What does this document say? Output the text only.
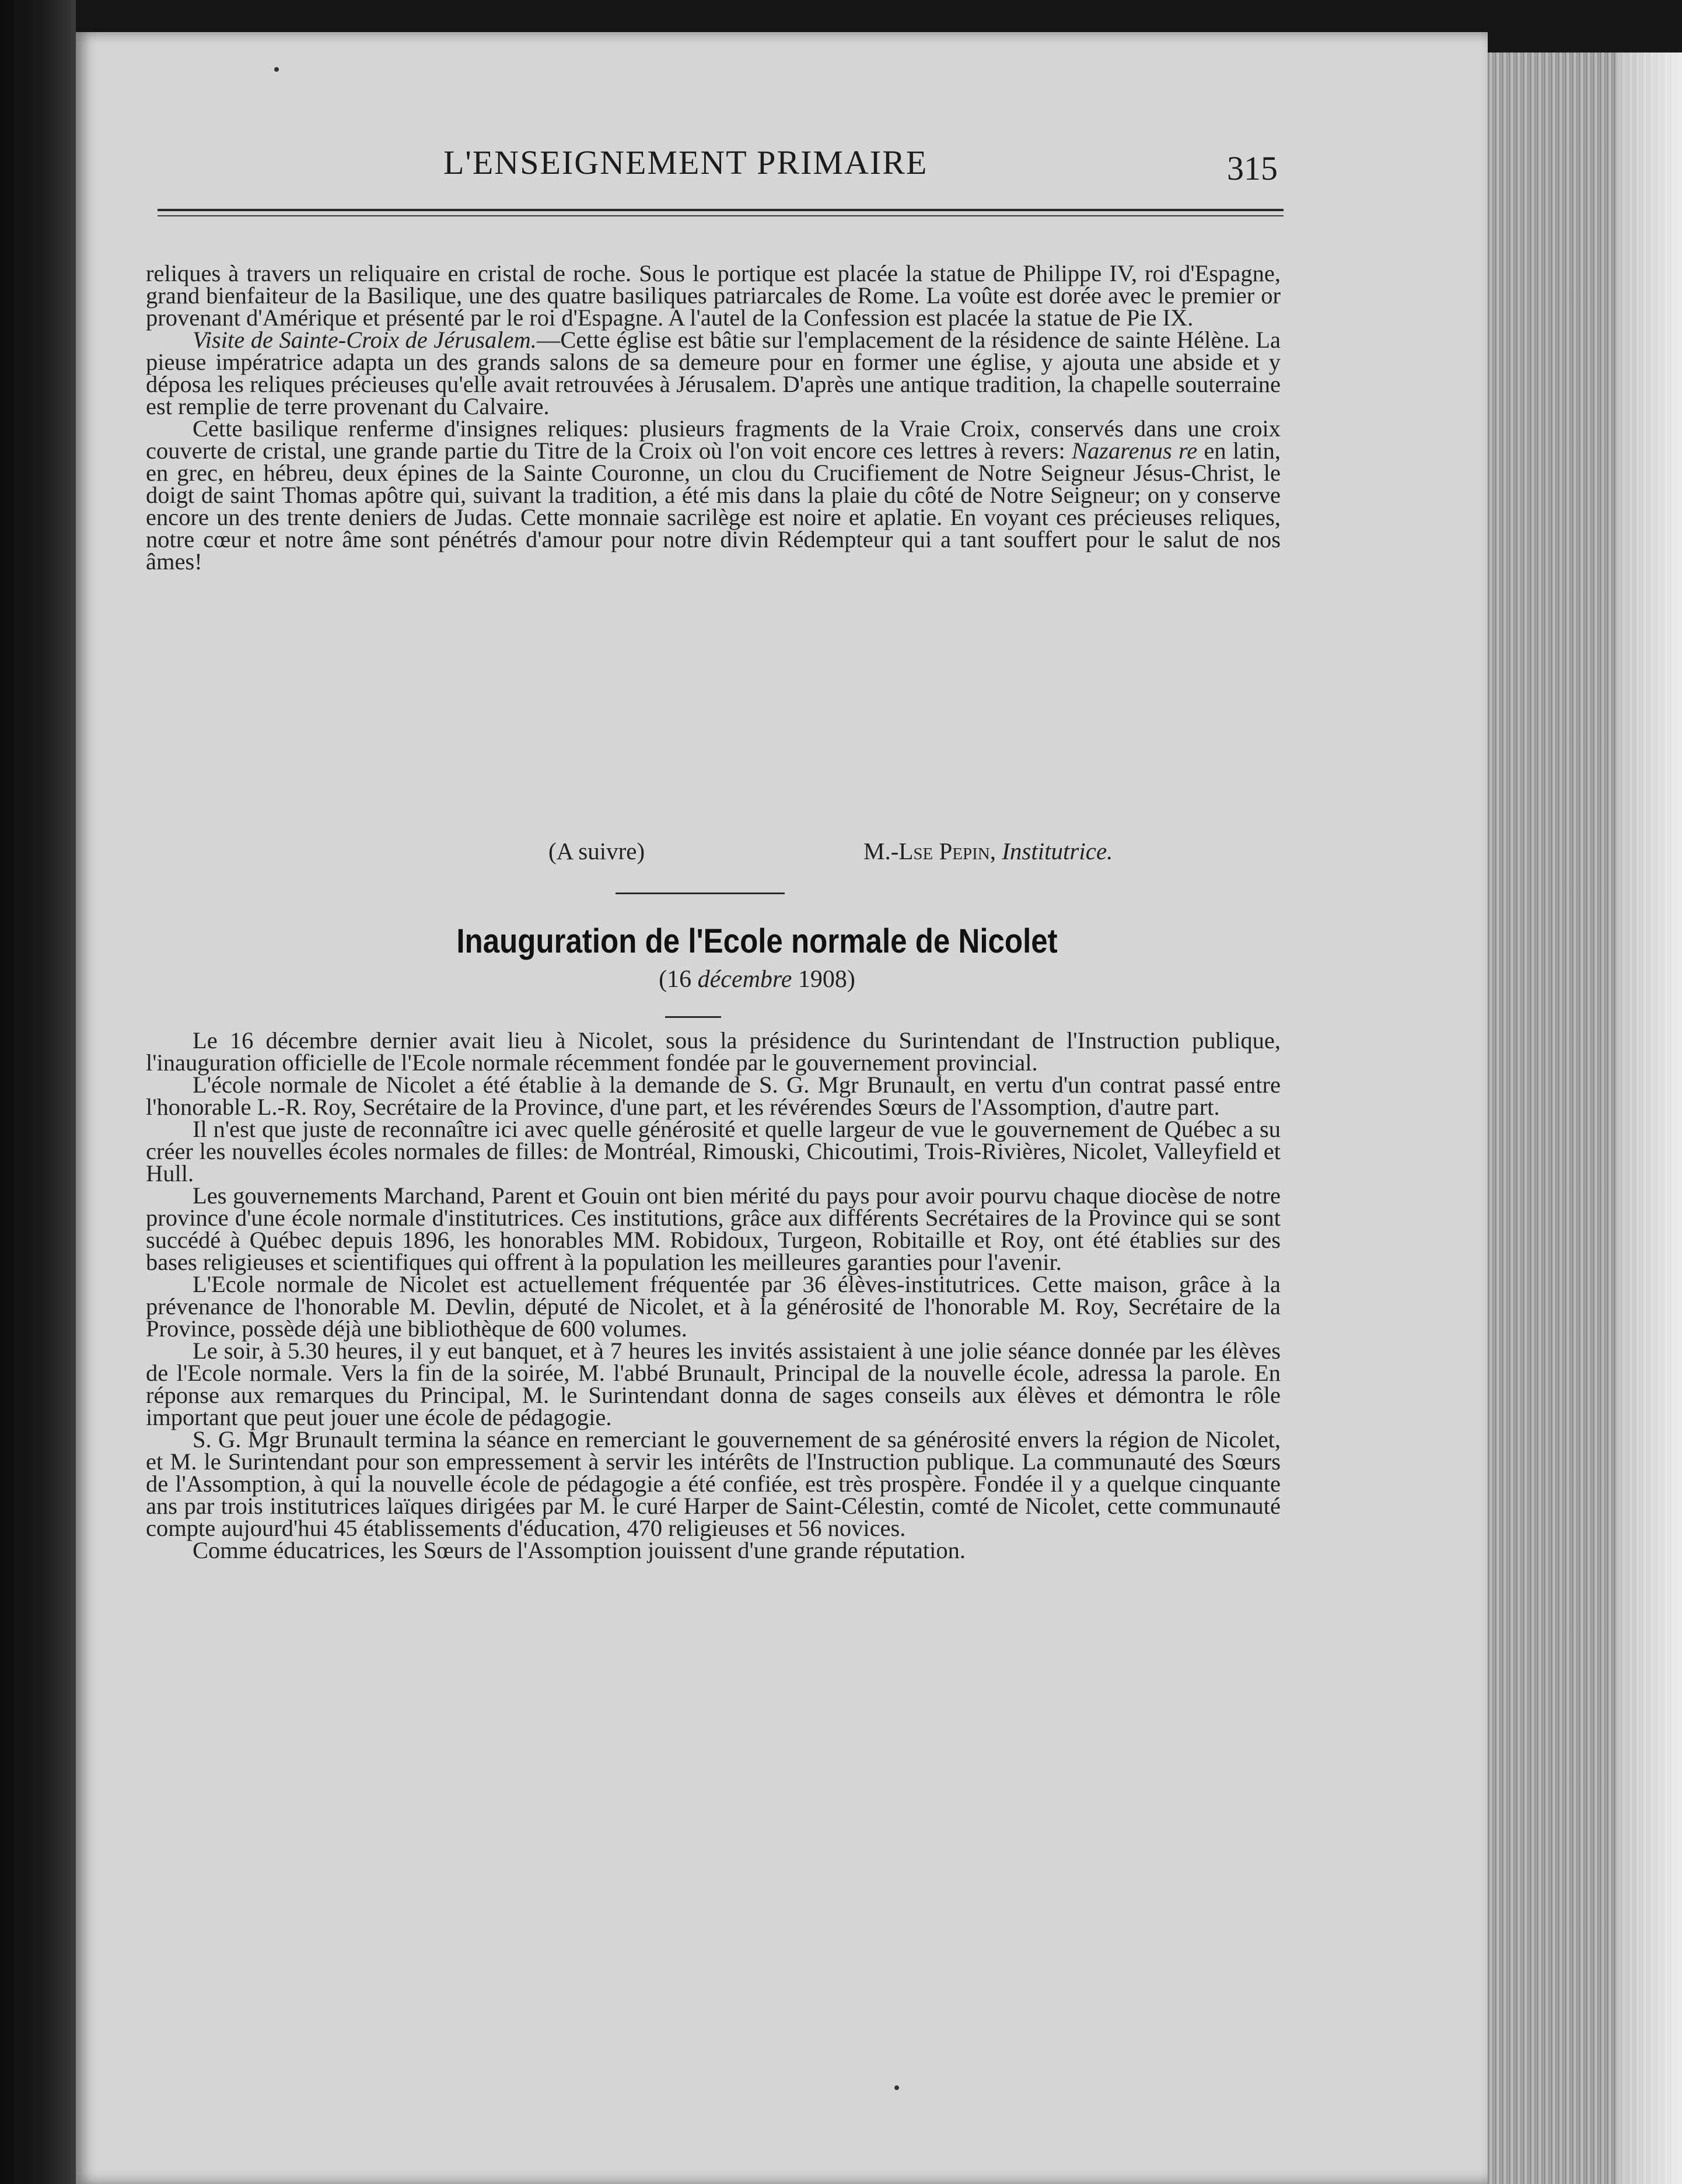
L'ENSEIGNEMENT PRIMAIRE	315

reliques à travers un reliquaire en cristal de roche. Sous le portique est placée la statue de Philippe IV, roi d'Espagne, grand bienfaiteur de la Basilique, une des quatre basiliques patriarcales de Rome. La voûte est dorée avec le premier or provenant d'Amérique et présenté par le roi d'Espagne. A l'autel de la Confession est placée la statue de Pie IX.

Visite de Sainte-Croix de Jérusalem.—Cette église est bâtie sur l'emplacement de la résidence de sainte Hélène. La pieuse impératrice adapta un des grands salons de sa demeure pour en former une église, y ajouta une abside et y déposa les reliques précieuses qu'elle avait retrouvées à Jérusalem. D'après une antique tradition, la chapelle souterraine est remplie de terre provenant du Calvaire.

Cette basilique renferme d'insignes reliques: plusieurs fragments de la Vraie Croix, conservés dans une croix couverte de cristal, une grande partie du Titre de la Croix où l'on voit encore ces lettres à revers: Nazarenus re en latin, en grec, en hébreu, deux épines de la Sainte Couronne, un clou du Crucifiement de Notre Seigneur Jésus-Christ, le doigt de saint Thomas apôtre qui, suivant la tradition, a été mis dans la plaie du côté de Notre Seigneur; on y conserve encore un des trente deniers de Judas. Cette monnaie sacrilège est noire et aplatie. En voyant ces précieuses reliques, notre cœur et notre âme sont pénétrés d'amour pour notre divin Rédempteur qui a tant souffert pour le salut de nos âmes!

(A suivre)	M.-Lse Pepin, Institutrice.
Inauguration de l'Ecole normale de Nicolet
(16 décembre 1908)

Le 16 décembre dernier avait lieu à Nicolet, sous la présidence du Surintendant de l'Instruction publique, l'inauguration officielle de l'Ecole normale récemment fondée par le gouvernement provincial.

L'école normale de Nicolet a été établie à la demande de S. G. Mgr Brunault, en vertu d'un contrat passé entre l'honorable L.-R. Roy, Secrétaire de la Province, d'une part, et les révérendes Sœurs de l'Assomption, d'autre part.

Il n'est que juste de reconnaître ici avec quelle générosité et quelle largeur de vue le gouvernement de Québec a su créer les nouvelles écoles normales de filles: de Montréal, Rimouski, Chicoutimi, Trois-Rivières, Nicolet, Valleyfield et Hull.

Les gouvernements Marchand, Parent et Gouin ont bien mérité du pays pour avoir pourvu chaque diocèse de notre province d'une école normale d'institutrices. Ces institutions, grâce aux différents Secrétaires de la Province qui se sont succédé à Québec depuis 1896, les honorables MM. Robidoux, Turgeon, Robitaille et Roy, ont été établies sur des bases religieuses et scientifiques qui offrent à la population les meilleures garanties pour l'avenir.

L'Ecole normale de Nicolet est actuellement fréquentée par 36 élèves-institutrices. Cette maison, grâce à la prévenance de l'honorable M. Devlin, député de Nicolet, et à la générosité de l'honorable M. Roy, Secrétaire de la Province, possède déjà une bibliothèque de 600 volumes.

Le soir, à 5.30 heures, il y eut banquet, et à 7 heures les invités assistaient à une jolie séance donnée par les élèves de l'Ecole normale. Vers la fin de la soirée, M. l'abbé Brunault, Principal de la nouvelle école, adressa la parole. En réponse aux remarques du Principal, M. le Surintendant donna de sages conseils aux élèves et démontra le rôle important que peut jouer une école de pédagogie.

S. G. Mgr Brunault termina la séance en remerciant le gouvernement de sa générosité envers la région de Nicolet, et M. le Surintendant pour son empressement à servir les intérêts de l'Instruction publique. La communauté des Sœurs de l'Assomption, à qui la nouvelle école de pédagogie a été confiée, est très prospère. Fondée il y a quelque cinquante ans par trois institutrices laïques dirigées par M. le curé Harper de Saint-Célestin, comté de Nicolet, cette communauté compte aujourd'hui 45 établissements d'éducation, 470 religieuses et 56 novices.

Comme éducatrices, les Sœurs de l'Assomption jouissent d'une grande réputation.
